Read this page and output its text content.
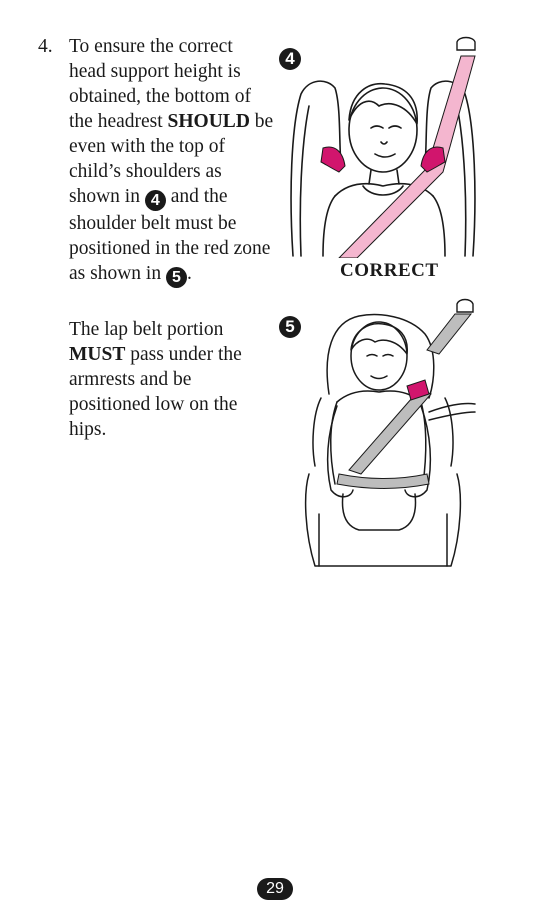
4. To ensure the correct head support height is obtained, the bottom of the headrest SHOULD be even with the top of child’s shoulders as shown in 4 and the shoulder belt must be positioned in the red zone as shown in 5 .
The lap belt portion MUST pass under the armrests and be positioned low on the hips.
4
CORRECT
5
29
